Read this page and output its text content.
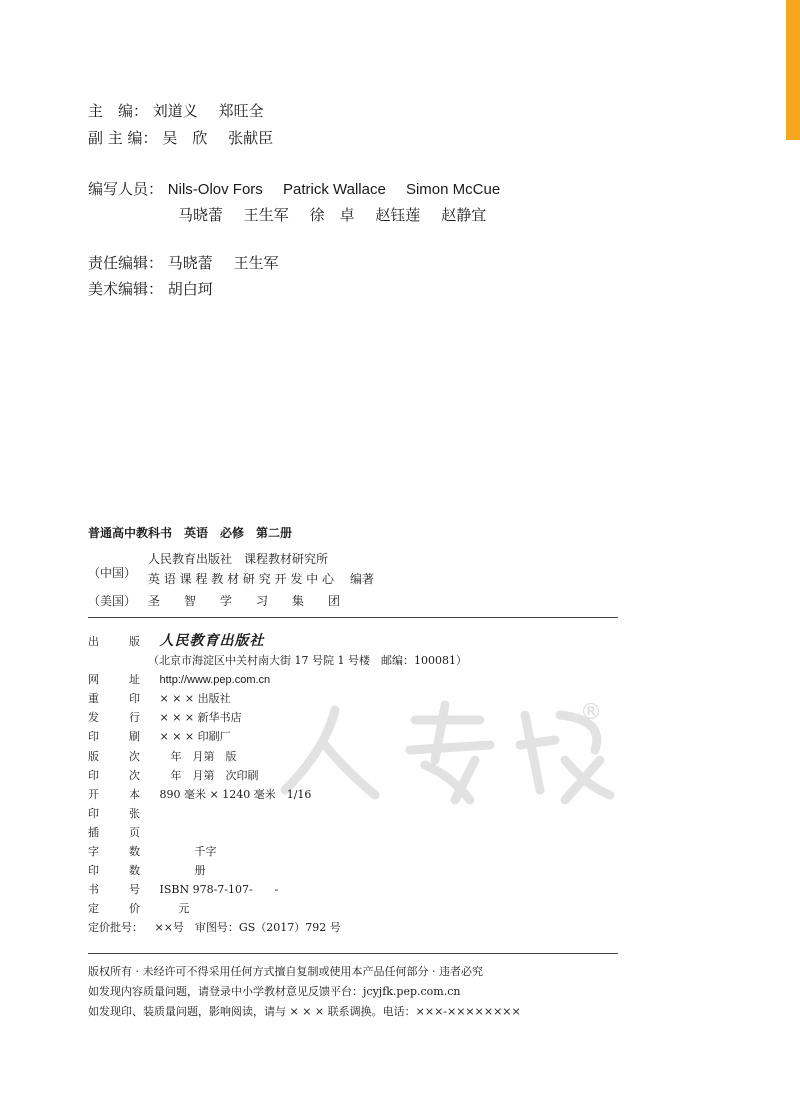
主　编： 刘道义 郑旺全
副 主 编： 吴　欣 张献臣
编写人员： Nils-Olov Fors Patrick Wallace Simon McCue
马晓蕾 王生军 徐　卓 赵钰莲 赵静宜
责任编辑： 马晓蕾 王生军
美术编辑： 胡白珂
®
普通高中教科书　英语　必修　第二册
（中国）
人民教育出版社　课程教材研究所
英 语 课 程 教 材 研 究 开 发 中 心 编著
（美国） 圣　　智　　学　　习　　集　　团
出　　版 人民教育出版社
（北京市海淀区中关村南大街 17 号院 1 号楼　邮编：100081）
网　　址 http://www.pep.com.cn
重　　印 × × × 出版社
发　　行 × × × 新华书店
印　　刷 × × × 印刷厂
版　　次 　年　月第　版
印　　次 　年　月第　次印刷
开　　本 890 毫米 × 1240 毫米　1/16
印　　张
插　　页
字　　数	　千字
印　　数	　册
书　　号 ISBN 978-7-107-　　-
定　　价	　元
定价批号： ××号　审图号：GS（2017）792 号
版权所有 · 未经许可不得采用任何方式擅自复制或使用本产品任何部分 · 违者必究
如发现内容质量问题，请登录中小学教材意见反馈平台：jcyjfk.pep.com.cn
如发现印、装质量问题，影响阅读，请与 × × × 联系调换。电话：×××-××××××××
